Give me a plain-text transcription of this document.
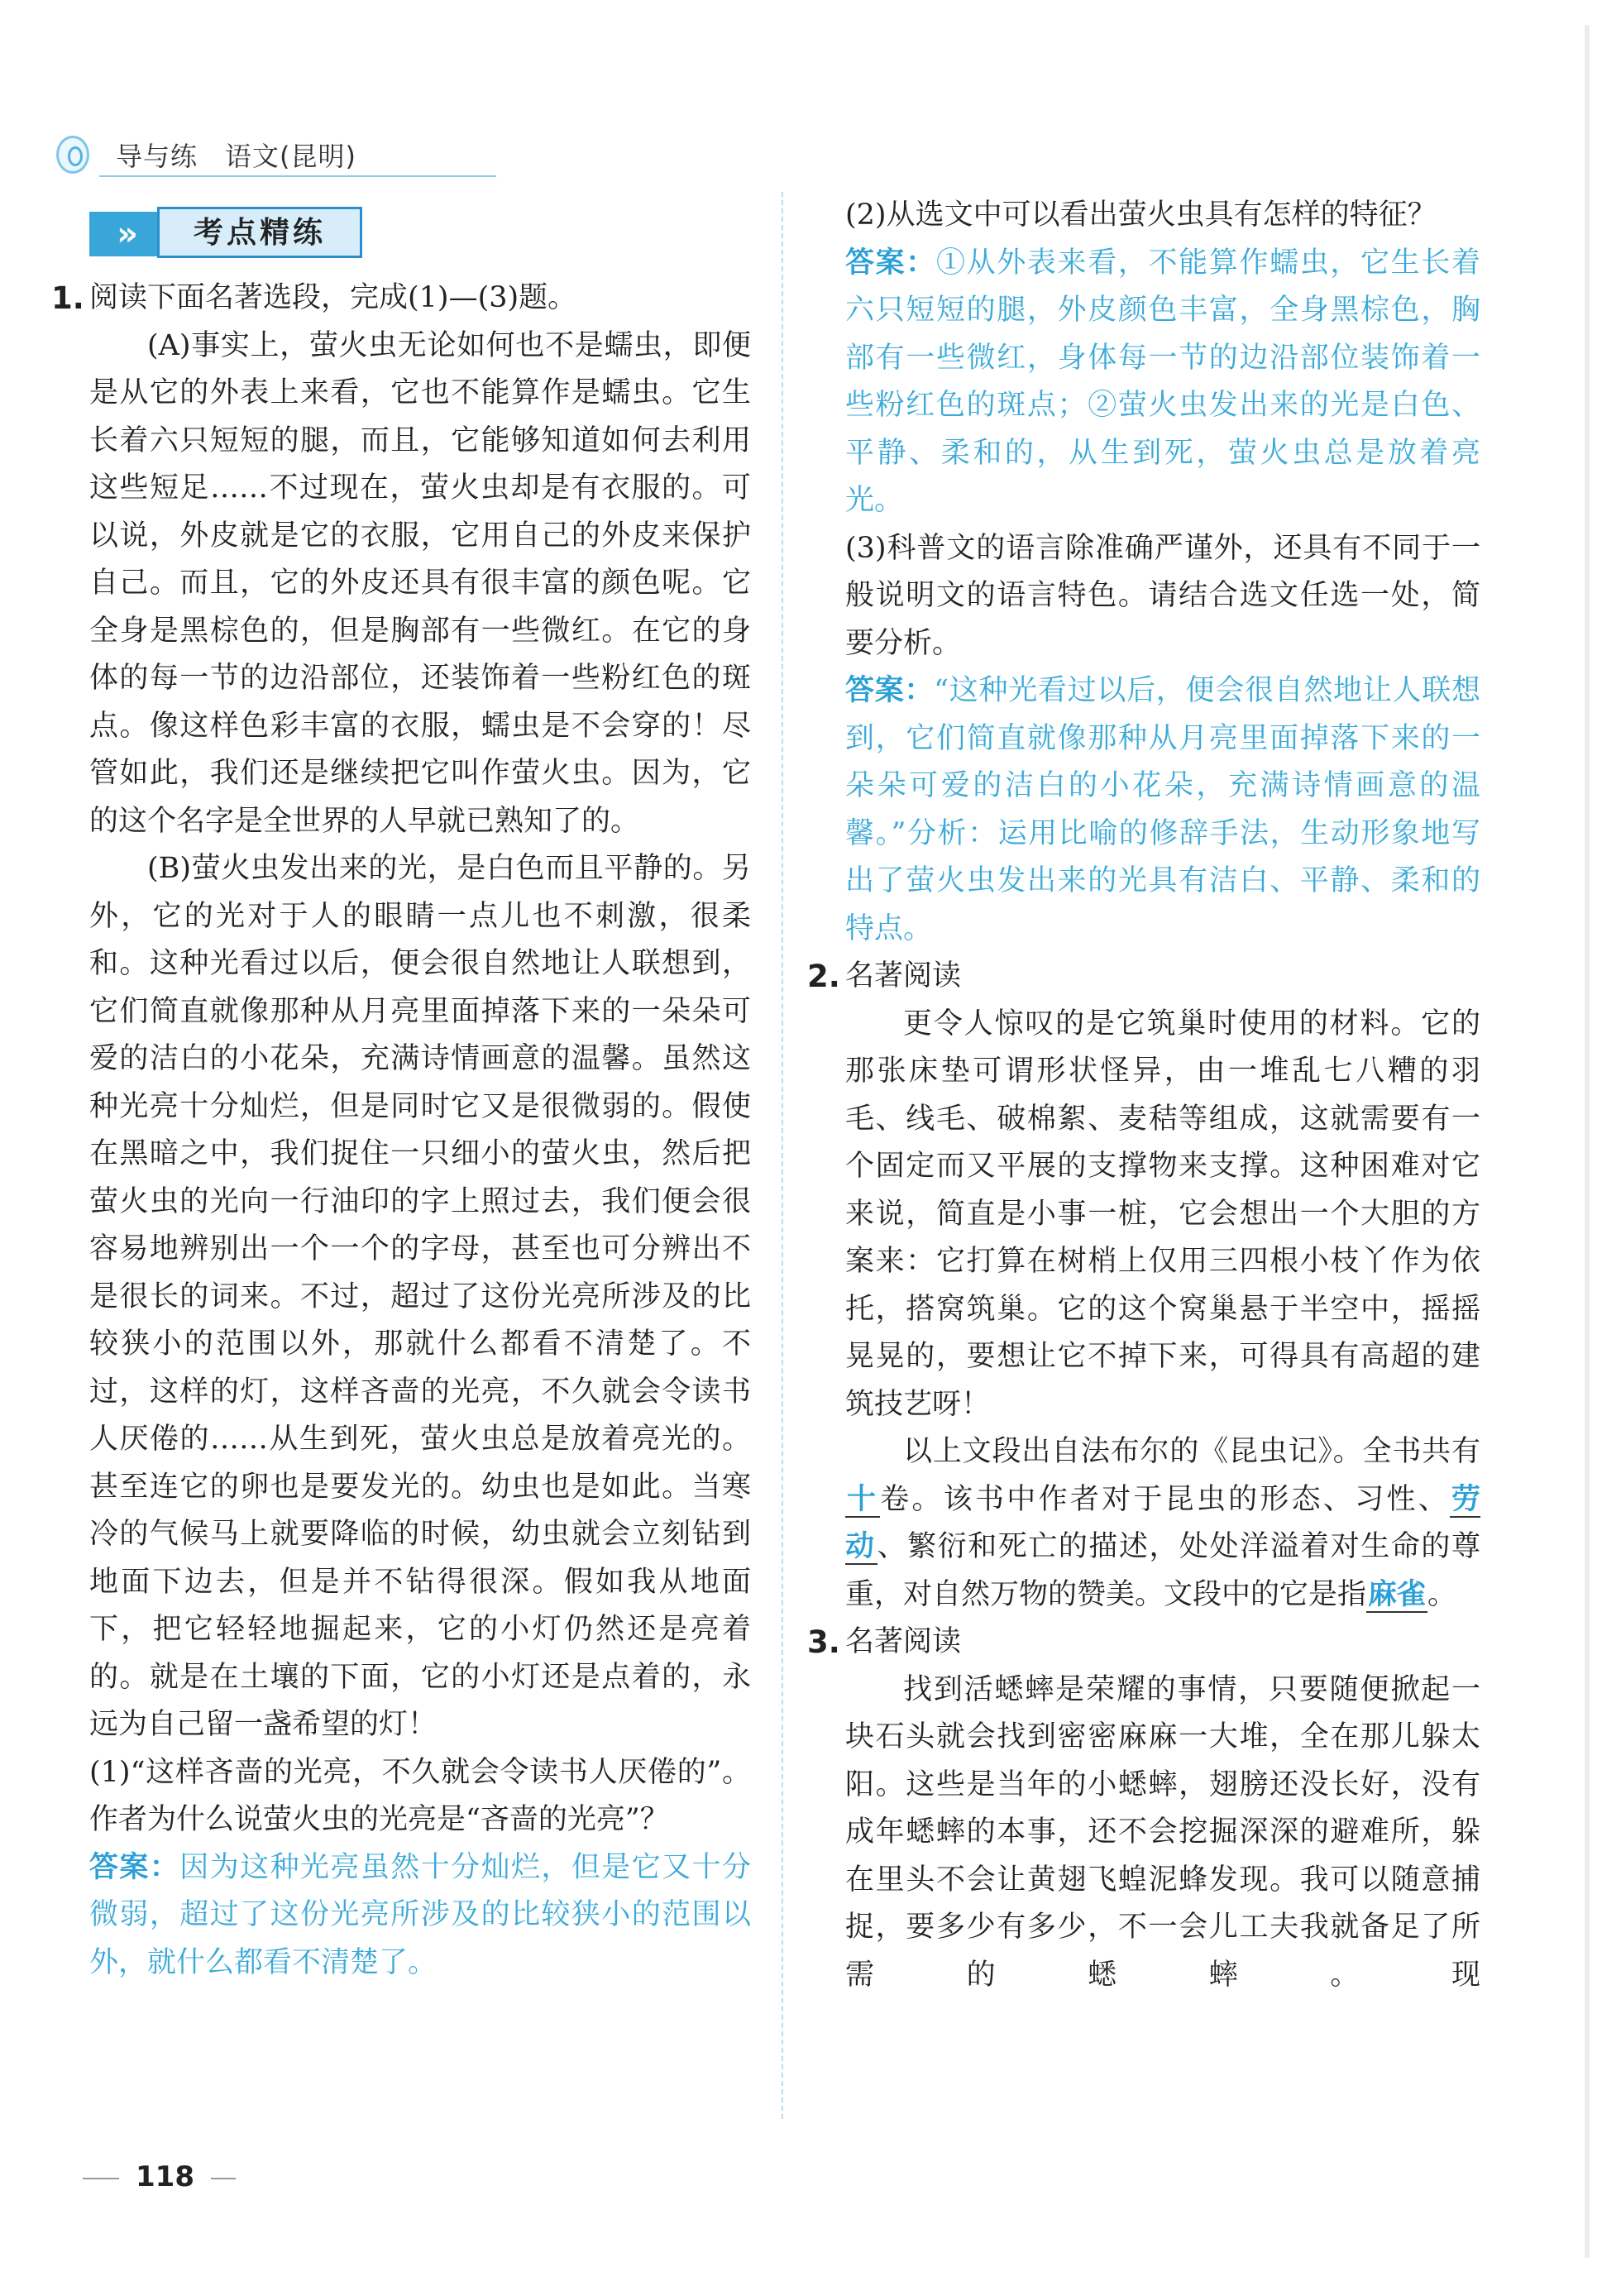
导与练　语文(昆明)
»	考点精练
1. 阅读下面名著选段，完成(1)—(3)题。

(A)事实上，萤火虫无论如何也不是蠕虫，即便是从它的外表上来看，它也不能算作是蠕虫。它生长着六只短短的腿，而且，它能够知道如何去利用这些短足……不过现在，萤火虫却是有衣服的。可以说，外皮就是它的衣服，它用自己的外皮来保护自己。而且，它的外皮还具有很丰富的颜色呢。它全身是黑棕色的，但是胸部有一些微红。在它的身体的每一节的边沿部位，还装饰着一些粉红色的斑点。像这样色彩丰富的衣服，蠕虫是不会穿的！尽管如此，我们还是继续把它叫作萤火虫。因为，它的这个名字是全世界的人早就已熟知了的。

(B)萤火虫发出来的光，是白色而且平静的。另外，它的光对于人的眼睛一点儿也不刺激，很柔和。这种光看过以后，便会很自然地让人联想到，它们简直就像那种从月亮里面掉落下来的一朵朵可爱的洁白的小花朵，充满诗情画意的温馨。虽然这种光亮十分灿烂，但是同时它又是很微弱的。假使在黑暗之中，我们捉住一只细小的萤火虫，然后把萤火虫的光向一行油印的字上照过去，我们便会很容易地辨别出一个一个的字母，甚至也可分辨出不是很长的词来。不过，超过了这份光亮所涉及的比较狭小的范围以外，那就什么都看不清楚了。不过，这样的灯，这样吝啬的光亮，不久就会令读书人厌倦的……从生到死，萤火虫总是放着亮光的。甚至连它的卵也是要发光的。幼虫也是如此。当寒冷的气候马上就要降临的时候，幼虫就会立刻钻到地面下边去，但是并不钻得很深。假如我从地面下，把它轻轻地掘起来，它的小灯仍然还是亮着的。就是在土壤的下面，它的小灯还是点着的，永远为自己留一盏希望的灯！

(1)“这样吝啬的光亮，不久就会令读书人厌倦的”。作者为什么说萤火虫的光亮是“吝啬的光亮”？

答案：因为这种光亮虽然十分灿烂，但是它又十分微弱，超过了这份光亮所涉及的比较狭小的范围以外，就什么都看不清楚了。

(2)从选文中可以看出萤火虫具有怎样的特征？

答案：①从外表来看，不能算作蠕虫，它生长着六只短短的腿，外皮颜色丰富，全身黑棕色，胸部有一些微红，身体每一节的边沿部位装饰着一些粉红色的斑点；②萤火虫发出来的光是白色、平静、柔和的，从生到死，萤火虫总是放着亮光。

(3)科普文的语言除准确严谨外，还具有不同于一般说明文的语言特色。请结合选文任选一处，简要分析。

答案：“这种光看过以后，便会很自然地让人联想到，它们简直就像那种从月亮里面掉落下来的一朵朵可爱的洁白的小花朵，充满诗情画意的温馨。”分析：运用比喻的修辞手法，生动形象地写出了萤火虫发出来的光具有洁白、平静、柔和的特点。

2. 名著阅读

更令人惊叹的是它筑巢时使用的材料。它的那张床垫可谓形状怪异，由一堆乱七八糟的羽毛、线毛、破棉絮、麦秸等组成，这就需要有一个固定而又平展的支撑物来支撑。这种困难对它来说，简直是小事一桩，它会想出一个大胆的方案来：它打算在树梢上仅用三四根小枝丫作为依托，搭窝筑巢。它的这个窝巢悬于半空中，摇摇晃晃的，要想让它不掉下来，可得具有高超的建筑技艺呀！

以上文段出自法布尔的《昆虫记》。全书共有十卷。该书中作者对于昆虫的形态、习性、劳动、繁衍和死亡的描述，处处洋溢着对生命的尊重，对自然万物的赞美。文段中的它是指麻雀。

3. 名著阅读

找到活蟋蟀是荣耀的事情，只要随便掀起一块石头就会找到密密麻麻一大堆，全在那儿躲太阳。这些是当年的小蟋蟀，翅膀还没长好，没有成年蟋蟀的本事，还不会挖掘深深的避难所，躲在里头不会让黄翅飞蝗泥蜂发现。我可以随意捕捉，要多少有多少，不一会儿工夫我就备足了所需的蟋蟀。现

118
